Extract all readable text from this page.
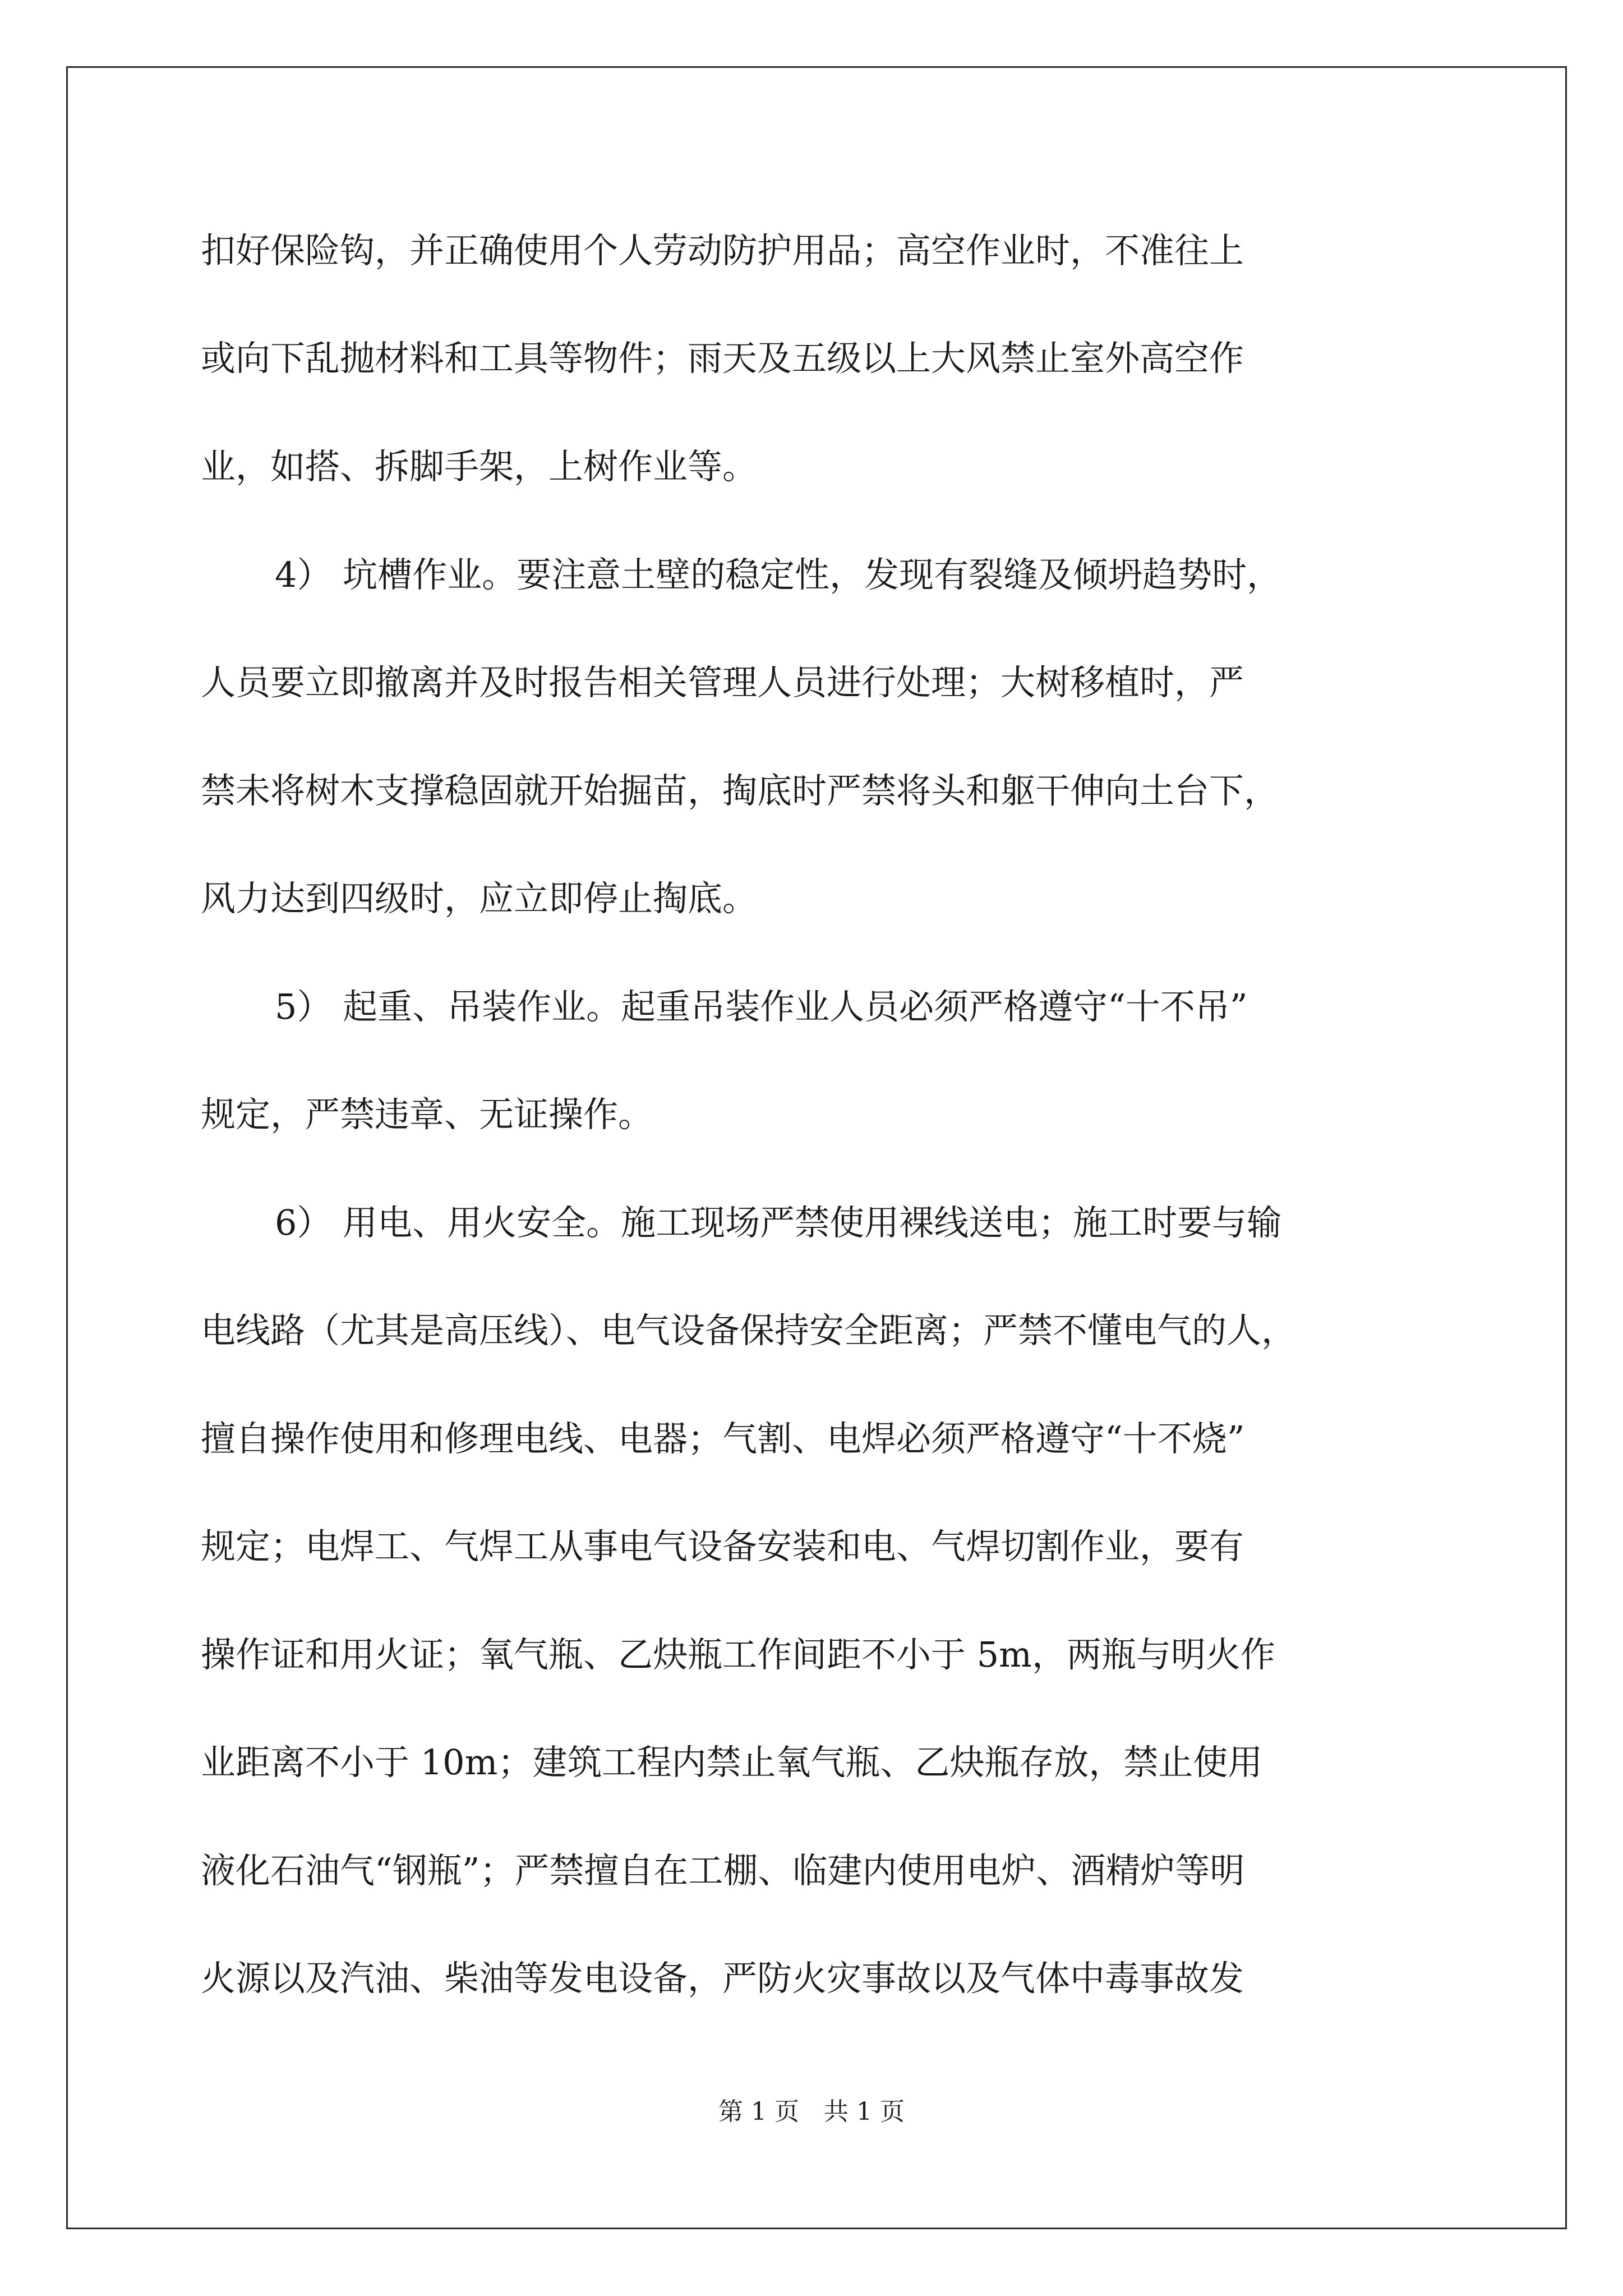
扣好保险钩，并正确使用个人劳动防护用品；高空作业时，不准往上
或向下乱抛材料和工具等物件；雨天及五级以上大风禁止室外高空作
业，如搭、拆脚手架，上树作业等。
4） 坑槽作业。要注意土壁的稳定性，发现有裂缝及倾坍趋势时，
人员要立即撤离并及时报告相关管理人员进行处理；大树移植时，严
禁未将树木支撑稳固就开始掘苗，掏底时严禁将头和躯干伸向土台下，
风力达到四级时，应立即停止掏底。
5） 起重、吊装作业。起重吊装作业人员必须严格遵守“十不吊”
规定，严禁违章、无证操作。
6） 用电、用火安全。施工现场严禁使用裸线送电；施工时要与输
电线路（尤其是高压线）、电气设备保持安全距离；严禁不懂电气的人，
擅自操作使用和修理电线、电器；气割、电焊必须严格遵守“十不烧”
规定；电焊工、气焊工从事电气设备安装和电、气焊切割作业，要有
操作证和用火证；氧气瓶、乙炔瓶工作间距不小于 5m，两瓶与明火作
业距离不小于 10m；建筑工程内禁止氧气瓶、乙炔瓶存放，禁止使用
液化石油气“钢瓶”；严禁擅自在工棚、临建内使用电炉、酒精炉等明
火源以及汽油、柴油等发电设备，严防火灾事故以及气体中毒事故发
第 1 页　共 1 页
